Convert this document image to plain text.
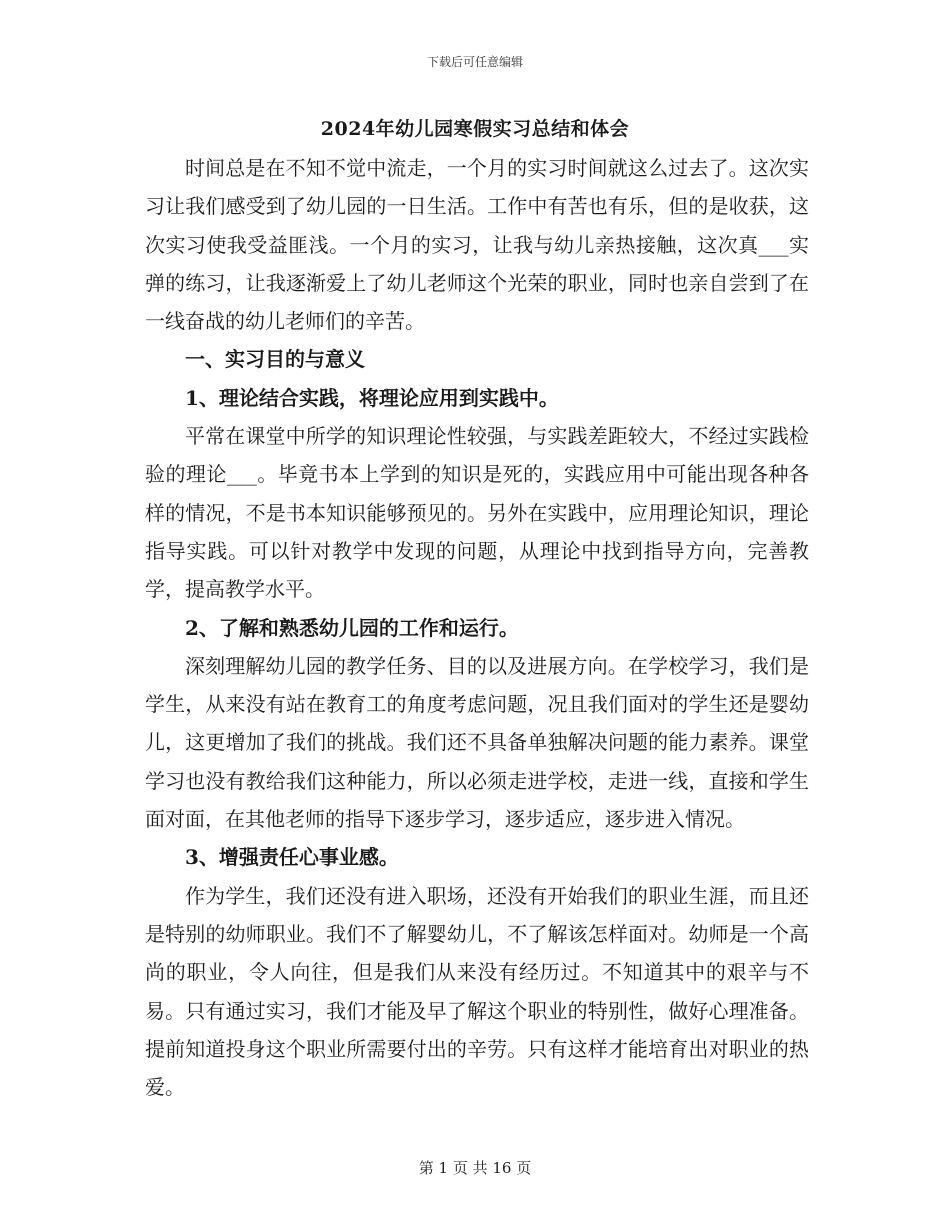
下载后可任意编辑
2024年幼儿园寒假实习总结和体会

时间总是在不知不觉中流走，一个月的实习时间就这么过去了。这次实习让我们感受到了幼儿园的一日生活。工作中有苦也有乐，但的是收获，这次实习使我受益匪浅。一个月的实习，让我与幼儿亲热接触，这次真___实弹的练习，让我逐渐爱上了幼儿老师这个光荣的职业，同时也亲自尝到了在一线奋战的幼儿老师们的辛苦。

一、实习目的与意义

1、理论结合实践，将理论应用到实践中。

平常在课堂中所学的知识理论性较强，与实践差距较大，不经过实践检验的理论___。毕竟书本上学到的知识是死的，实践应用中可能出现各种各样的情况，不是书本知识能够预见的。另外在实践中，应用理论知识，理论指导实践。可以针对教学中发现的问题，从理论中找到指导方向，完善教学，提高教学水平。

2、了解和熟悉幼儿园的工作和运行。

深刻理解幼儿园的教学任务、目的以及进展方向。在学校学习，我们是学生，从来没有站在教育工的角度考虑问题，况且我们面对的学生还是婴幼儿，这更增加了我们的挑战。我们还不具备单独解决问题的能力素养。课堂学习也没有教给我们这种能力，所以必须走进学校，走进一线，直接和学生面对面，在其他老师的指导下逐步学习，逐步适应，逐步进入情况。

3、增强责任心事业感。

作为学生，我们还没有进入职场，还没有开始我们的职业生涯，而且还是特别的幼师职业。我们不了解婴幼儿，不了解该怎样面对。幼师是一个高尚的职业，令人向往，但是我们从来没有经历过。不知道其中的艰辛与不易。只有通过实习，我们才能及早了解这个职业的特别性，做好心理准备。提前知道投身这个职业所需要付出的辛劳。只有这样才能培育出对职业的热爱。

第 1 页 共 16 页
